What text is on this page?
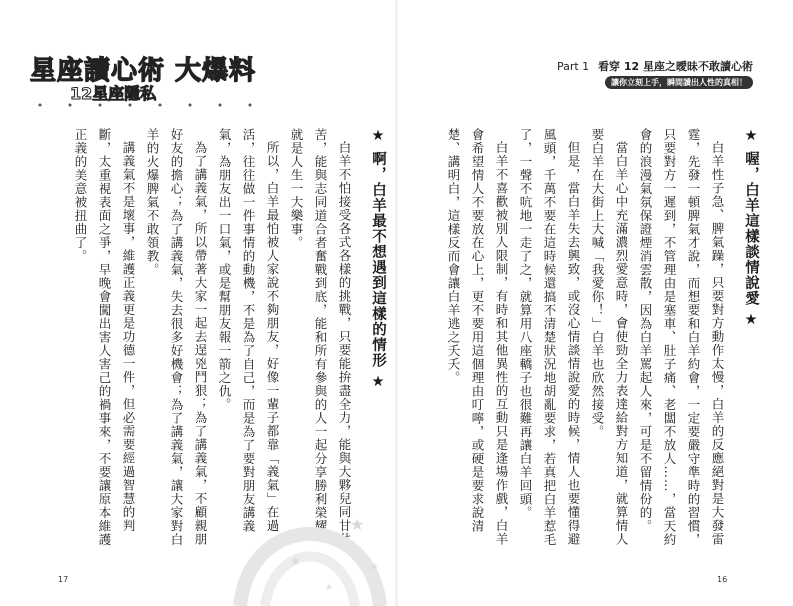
星座讀心術 大爆料
12星座隱私

★ 啊，白羊最不想遇到這樣的情形 ★

白羊不怕接受各式各樣的挑戰，只要能拚盡全力，能與大夥兒同甘共苦，能與志同道合者奮戰到底，能和所有參與的人一起分享勝利榮耀，就是人生一大樂事。

所以，白羊最怕被人家說不夠朋友，好像一輩子都靠「義氣」在過活，往往做一件事情的動機，不是為了自己，而是為了要對朋友講義氣，為朋友出一口氣，或是幫朋友報一箭之仇。

為了講義氣，所以帶著大家一起去逞兇鬥狠；為了講義氣，不顧親朋好友的擔心；為了講義氣，失去很多好機會；為了講義氣，讓大家對白羊的火爆脾氣不敢領教。

講義氣不是壞事，維護正義更是功德一件，但必需要經過智慧的判斷，太重視表面之爭，早晚會闖出害人害己的禍事來，不要讓原本維護正義的美意被扭曲了。

★
★	★
★
17
Part 1 看穿 12 星座之曖昧不敢讀心術
讓你立刻上手，瞬間讀出人性的真相！

★ 喔，白羊這樣談情說愛 ★

白羊性子急、脾氣躁，只要對方動作太慢，白羊的反應絕對是大發雷霆，先發一頓脾氣才說，而想要和白羊約會，一定要嚴守準時的習慣，只要對方一遲到，不管理由是塞車、肚子痛、老闆不放人……，當天約會的浪漫氣氛保證煙消雲散，因為白羊罵起人來，可是不留情份的。

當白羊心中充滿濃烈愛意時，會使勁全力表達給對方知道，就算情人要白羊在大街上大喊「我愛你！」白羊也欣然接受。

但是，當白羊失去興致，或沒心情談情說愛的時候，情人也要懂得避風頭，千萬不要在這時候還搞不清楚狀況地胡亂要求，若真把白羊惹毛了，一聲不吭地一走了之，就算用八座轎子也很難再讓白羊回頭。

白羊不喜歡被別人限制，有時和其他異性的互動只是逢場作戲，白羊會希望情人不要放在心上，更不要用這個理由叮嚀，或硬是要求說清楚、講明白，這樣反而會讓白羊逃之夭夭。

16
